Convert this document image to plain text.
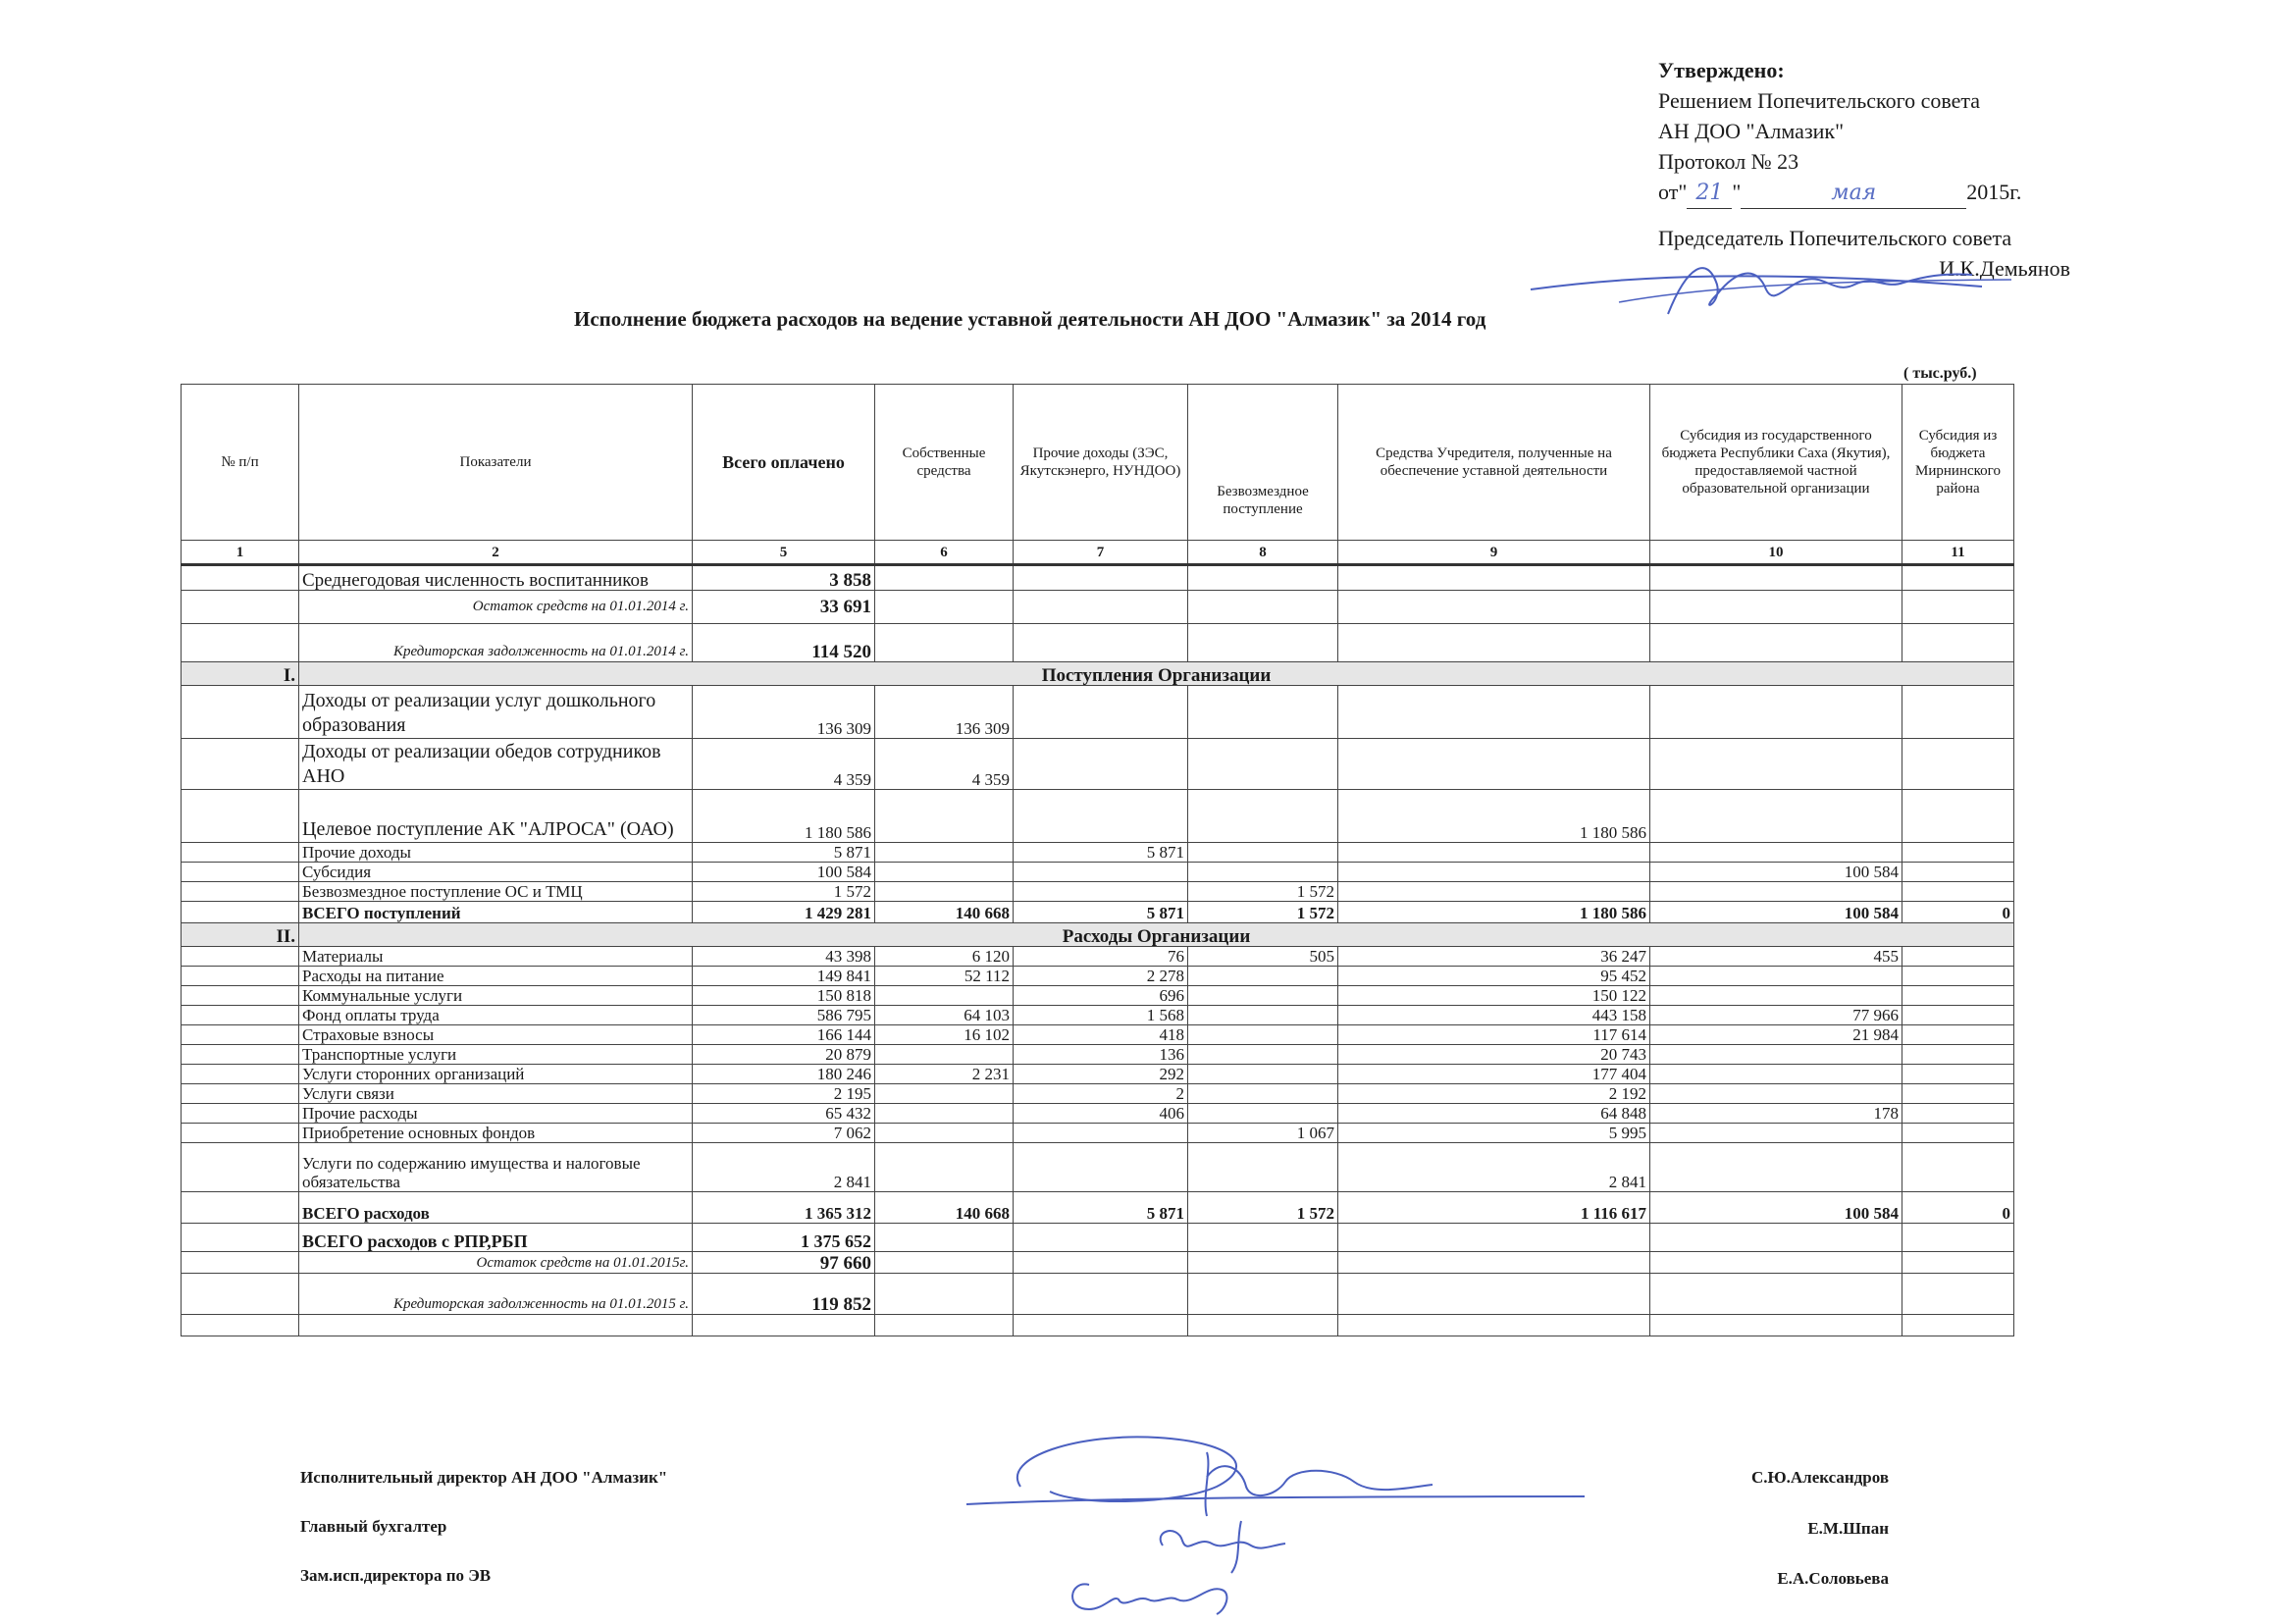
Утверждено:
Решением Попечительского совета
АН ДОО "Алмазик"
Протокол № 23
от" 21 "	мая	2015г.
Председатель Попечительского совета
И.К.Демьянов
Исполнение бюджета расходов на ведение уставной деятельности АН ДОО "Алмазик" за 2014 год
( тыс.руб.)
№ п/п	Показатели	Всего оплачено	Собственные средства	Прочие доходы (ЗЭС, Якутскэнерго, НУНДОО)	Безвозмездное поступление	Средства Учредителя, полученные на обеспечение уставной деятельности	Субсидия из государственного бюджета Республики Саха (Якутия), предоставляемой частной образовательной организации	Субсидия из бюджета Мирнинского района
1	2	5	6	7	8	9	10	11
	Среднегодовая численность воспитанников	3 858						
	Остаток средств на 01.01.2014 г.	33 691						
	Кредиторская задолженность на 01.01.2014 г.	114 520						
I.	Поступления Организации							
	Доходы от реализации услуг дошкольного образования	136 309	136 309					
	Доходы от реализации обедов сотрудников АНО	4 359	4 359					
	Целевое поступление АК "АЛРОСА" (ОАО)	1 180 586				1 180 586		
	Прочие доходы	5 871		5 871				
	Субсидия	100 584					100 584	
	Безвозмездное поступление ОС и ТМЦ	1 572			1 572			
	ВСЕГО поступлений	1 429 281	140 668	5 871	1 572	1 180 586	100 584	0
II.	Расходы Организации							
	Материалы	43 398	6 120	76	505	36 247	455	
	Расходы на питание	149 841	52 112	2 278		95 452		
	Коммунальные услуги	150 818		696		150 122		
	Фонд оплаты труда	586 795	64 103	1 568		443 158	77 966	
	Страховые взносы	166 144	16 102	418		117 614	21 984	
	Транспортные услуги	20 879		136		20 743		
	Услуги сторонних организаций	180 246	2 231	292		177 404		
	Услуги связи	2 195		2		2 192		
	Прочие расходы	65 432		406		64 848	178	
	Приобретение основных фондов	7 062			1 067	5 995		
	Услуги по содержанию имущества и налоговые обязательства	2 841				2 841		
	ВСЕГО расходов	1 365 312	140 668	5 871	1 572	1 116 617	100 584	0
	ВСЕГО расходов с РПР,РБП	1 375 652						
	Остаток средств на 01.01.2015г.	97 660						
	Кредиторская задолженность на 01.01.2015 г.	119 852						

Исполнительный директор АН ДОО "Алмазик"	С.Ю.Александров
Главный бухгалтер	Е.М.Шпан
Зам.исп.директора по ЭВ	Е.А.Соловьева
